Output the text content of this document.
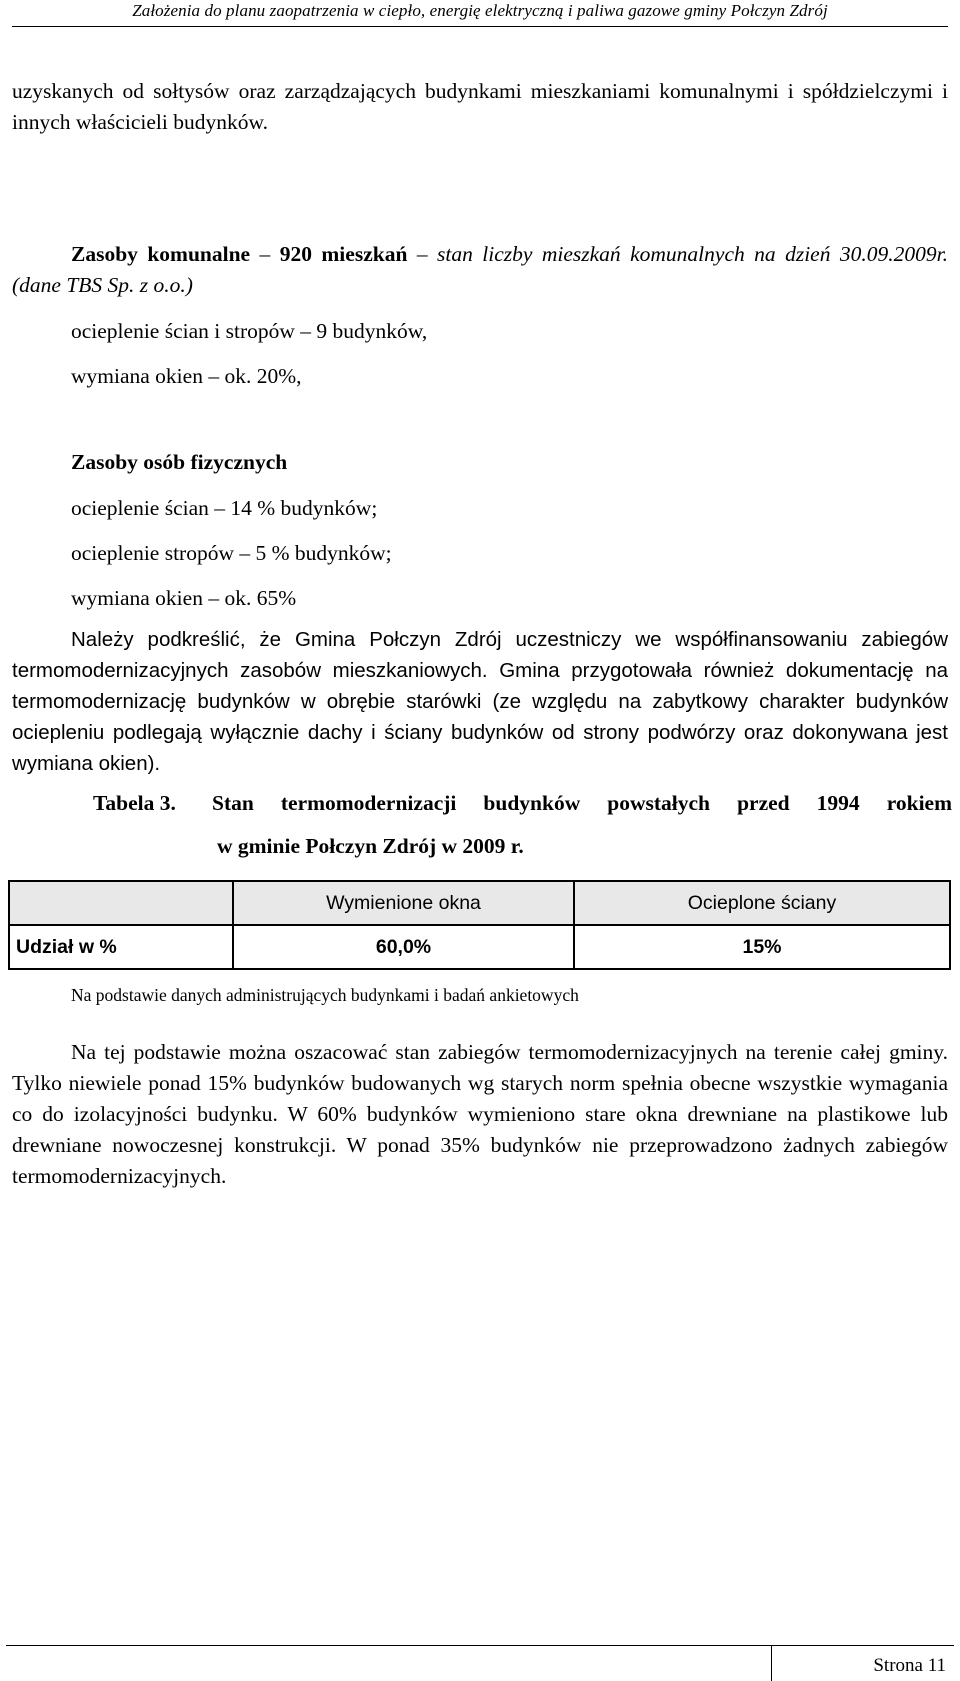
Założenia do planu zaopatrzenia w ciepło, energię elektryczną i paliwa gazowe gminy Połczyn Zdrój

uzyskanych od sołtysów oraz zarządzających budynkami mieszkaniami komunalnymi i spółdzielczymi i innych właścicieli budynków.

Zasoby komunalne – 920 mieszkań – stan liczby mieszkań komunalnych na dzień 30.09.2009r.(dane TBS Sp. z o.o.)

ocieplenie ścian i stropów – 9 budynków,
wymiana okien – ok. 20%,
Zasoby osób fizycznych
ocieplenie ścian – 14 % budynków;
ocieplenie stropów – 5 % budynków;
wymiana okien – ok. 65%

Należy podkreślić, że Gmina Połczyn Zdrój uczestniczy we współfinansowaniu zabiegów termomodernizacyjnych zasobów mieszkaniowych. Gmina przygotowała również dokumentację na termomodernizację budynków w obrębie starówki (ze względu na zabytkowy charakter budynków ociepleniu podlegają wyłącznie dachy i ściany budynków od strony podwórzy oraz dokonywana jest wymiana okien).

Tabela 3. Stan termomodernizacji budynków powstałych przed 1994 rokiem
w gminie Połczyn Zdrój w 2009 r.
	Wymienione okna	Ocieplone ściany
Udział w %	60,0%	15%
Na podstawie danych administrujących budynkami i badań ankietowych

Na tej podstawie można oszacować stan zabiegów termomodernizacyjnych na terenie całej gminy. Tylko niewiele ponad 15% budynków budowanych wg starych norm spełnia obecne wszystkie wymagania co do izolacyjności budynku. W 60% budynków wymieniono stare okna drewniane na plastikowe lub drewniane nowoczesnej konstrukcji. W ponad 35% budynków nie przeprowadzono żadnych zabiegów termomodernizacyjnych.

Strona 11
